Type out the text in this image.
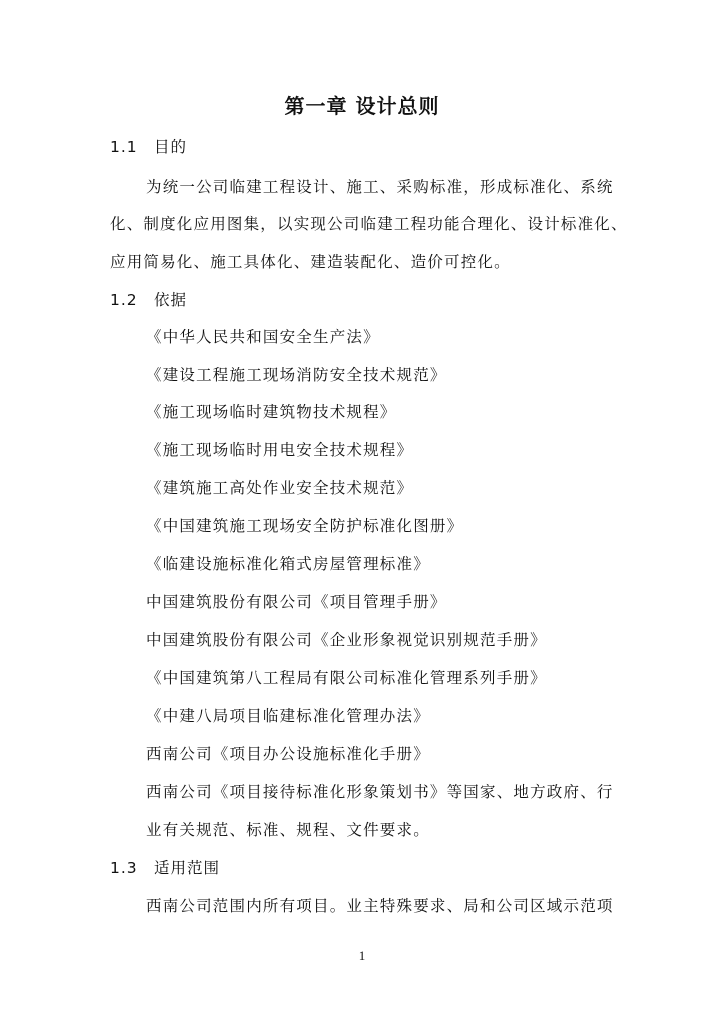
第一章 设计总则
1.1 目的
为统一公司临建工程设计、施工、采购标准，形成标准化、系统
化、制度化应用图集，以实现公司临建工程功能合理化、设计标准化、
应用简易化、施工具体化、建造装配化、造价可控化。
1.2 依据
《中华人民共和国安全生产法》
《建设工程施工现场消防安全技术规范》
《施工现场临时建筑物技术规程》
《施工现场临时用电安全技术规程》
《建筑施工高处作业安全技术规范》
《中国建筑施工现场安全防护标准化图册》
《临建设施标准化箱式房屋管理标准》
中国建筑股份有限公司《项目管理手册》
中国建筑股份有限公司《企业形象视觉识别规范手册》
《中国建筑第八工程局有限公司标准化管理系列手册》
《中建八局项目临建标准化管理办法》
西南公司《项目办公设施标准化手册》
西南公司《项目接待标准化形象策划书》等国家、地方政府、行
业有关规范、标准、规程、文件要求。
1.3 适用范围
西南公司范围内所有项目。业主特殊要求、局和公司区域示范项
1
